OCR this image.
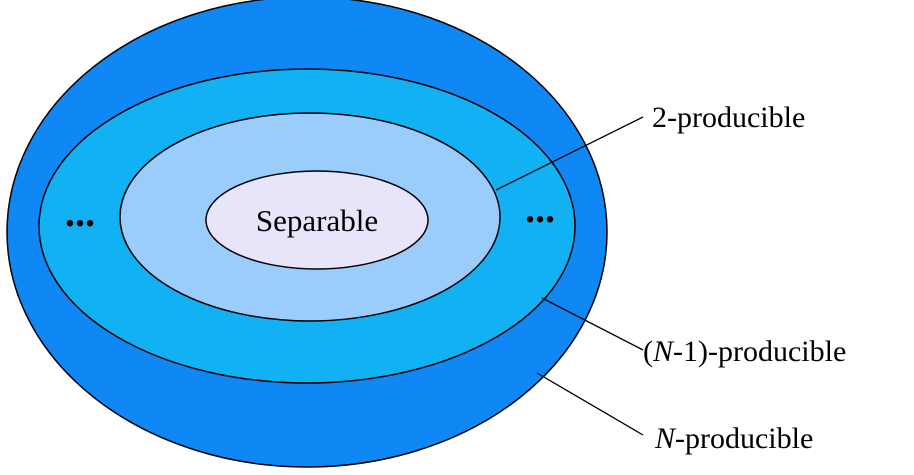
Separable
...	...
2-producible
(N-1)-producible
N-producible
